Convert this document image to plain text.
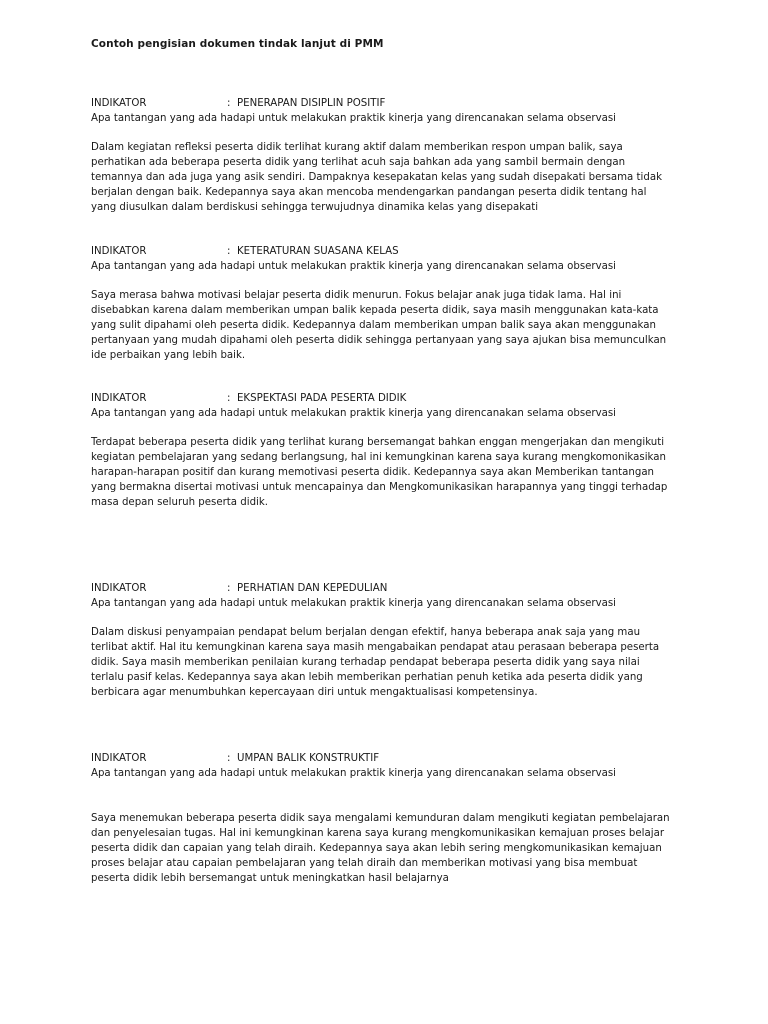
Contoh pengisian dokumen tindak lanjut di PMM
INDIKATOR	: PENERAPAN DISIPLIN POSITIF
Apa tantangan yang ada hadapi untuk melakukan praktik kinerja yang direncanakan selama observasi
Dalam kegiatan refleksi peserta didik terlihat kurang aktif dalam memberikan respon umpan balik, saya
perhatikan ada beberapa peserta didik yang terlihat acuh saja bahkan ada yang sambil bermain dengan
temannya dan ada juga yang asik sendiri. Dampaknya kesepakatan kelas yang sudah disepakati bersama tidak
berjalan dengan baik. Kedepannya saya akan mencoba mendengarkan pandangan peserta didik tentang hal
yang diusulkan dalam berdiskusi sehingga terwujudnya dinamika kelas yang disepakati
INDIKATOR	: KETERATURAN SUASANA KELAS
Apa tantangan yang ada hadapi untuk melakukan praktik kinerja yang direncanakan selama observasi
Saya merasa bahwa motivasi belajar peserta didik menurun. Fokus belajar anak juga tidak lama. Hal ini
disebabkan karena dalam memberikan umpan balik kepada peserta didik, saya masih menggunakan kata-kata
yang sulit dipahami oleh peserta didik. Kedepannya dalam memberikan umpan balik saya akan menggunakan
pertanyaan yang mudah dipahami oleh peserta didik sehingga pertanyaan yang saya ajukan bisa memunculkan
ide perbaikan yang lebih baik.
INDIKATOR	: EKSPEKTASI PADA PESERTA DIDIK
Apa tantangan yang ada hadapi untuk melakukan praktik kinerja yang direncanakan selama observasi
Terdapat beberapa peserta didik yang terlihat kurang bersemangat bahkan enggan mengerjakan dan mengikuti
kegiatan pembelajaran yang sedang berlangsung, hal ini kemungkinan karena saya kurang mengkomonikasikan
harapan-harapan positif dan kurang memotivasi peserta didik. Kedepannya saya akan Memberikan tantangan
yang bermakna disertai motivasi untuk mencapainya dan Mengkomunikasikan harapannya yang tinggi terhadap
masa depan seluruh peserta didik.
INDIKATOR	: PERHATIAN DAN KEPEDULIAN
Apa tantangan yang ada hadapi untuk melakukan praktik kinerja yang direncanakan selama observasi
Dalam diskusi penyampaian pendapat belum berjalan dengan efektif, hanya beberapa anak saja yang mau
terlibat aktif. Hal itu kemungkinan karena saya masih mengabaikan pendapat atau perasaan beberapa peserta
didik. Saya masih memberikan penilaian kurang terhadap pendapat beberapa peserta didik yang saya nilai
terlalu pasif kelas. Kedepannya saya akan lebih memberikan perhatian penuh ketika ada peserta didik yang
berbicara agar menumbuhkan kepercayaan diri untuk mengaktualisasi kompetensinya.
INDIKATOR	: UMPAN BALIK KONSTRUKTIF
Apa tantangan yang ada hadapi untuk melakukan praktik kinerja yang direncanakan selama observasi
Saya menemukan beberapa peserta didik saya mengalami kemunduran dalam mengikuti kegiatan pembelajaran
dan penyelesaian tugas. Hal ini kemungkinan karena saya kurang mengkomunikasikan kemajuan proses belajar
peserta didik dan capaian yang telah diraih. Kedepannya saya akan lebih sering mengkomunikasikan kemajuan
proses belajar atau capaian pembelajaran yang telah diraih dan memberikan motivasi yang bisa membuat
peserta didik lebih bersemangat untuk meningkatkan hasil belajarnya
